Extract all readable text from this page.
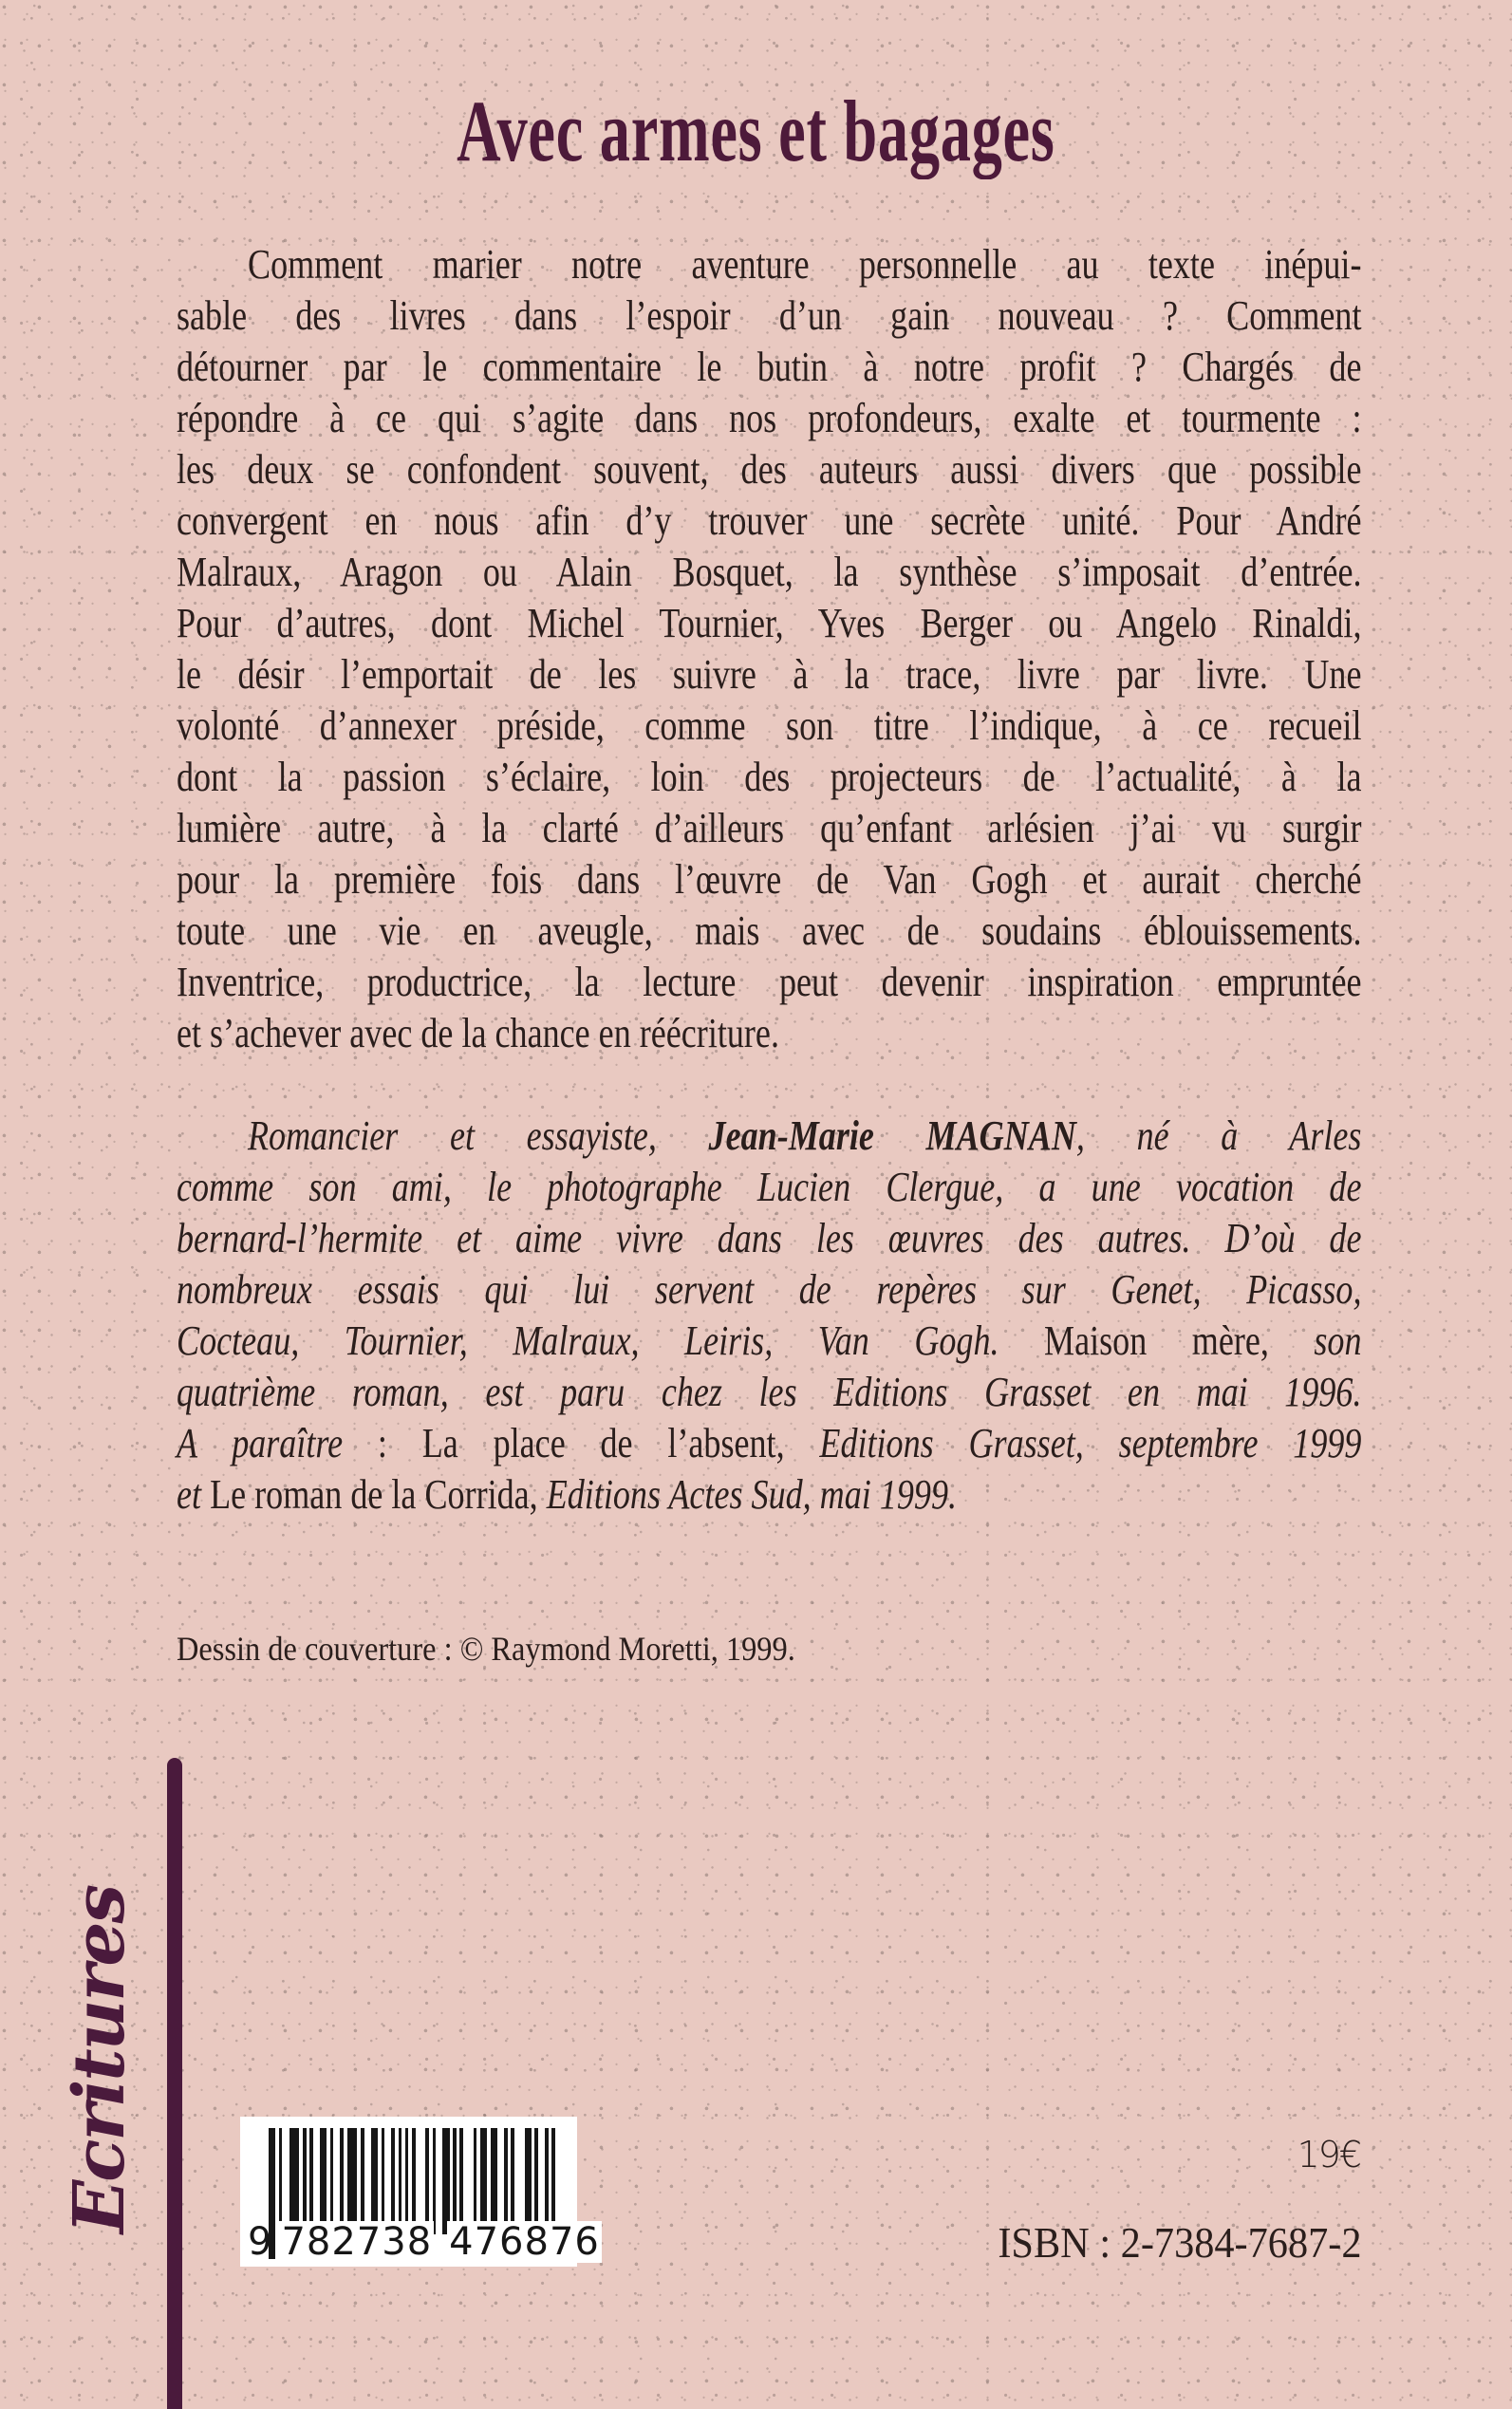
Avec armes et bagages
Comment marier notre aventure personnelle au texte inépui-
sable des livres dans l’espoir d’un gain nouveau ? Comment
détourner par le commentaire le butin à notre profit ? Chargés de
répondre à ce qui s’agite dans nos profondeurs, exalte et tourmente :
les deux se confondent souvent, des auteurs aussi divers que possible
convergent en nous afin d’y trouver une secrète unité. Pour André
Malraux, Aragon ou Alain Bosquet, la synthèse s’imposait d’entrée.
Pour d’autres, dont Michel Tournier, Yves Berger ou Angelo Rinaldi,
le désir l’emportait de les suivre à la trace, livre par livre. Une
volonté d’annexer préside, comme son titre l’indique, à ce recueil
dont la passion s’éclaire, loin des projecteurs de l’actualité, à la
lumière autre, à la clarté d’ailleurs qu’enfant arlésien j’ai vu surgir
pour la première fois dans l’œuvre de Van Gogh et aurait cherché
toute une vie en aveugle, mais avec de soudains éblouissements.
Inventrice, productrice, la lecture peut devenir inspiration empruntée
et s’achever avec de la chance en réécriture.
Romancier et essayiste, Jean-Marie MAGNAN, né à Arles
comme son ami, le photographe Lucien Clergue, a une vocation de
bernard-l’hermite et aime vivre dans les œuvres des autres. D’où de
nombreux essais qui lui servent de repères sur Genet, Picasso,
Cocteau, Tournier, Malraux, Leiris, Van Gogh. Maison mère, son
quatrième roman, est paru chez les Editions Grasset en mai 1996.
A paraître : La place de l’absent, Editions Grasset, septembre 1999
et Le roman de la Corrida, Editions Actes Sud, mai 1999.
Dessin de couverture : © Raymond Moretti, 1999.
Ecritures
9 782738 476876
19€
ISBN : 2-7384-7687-2
